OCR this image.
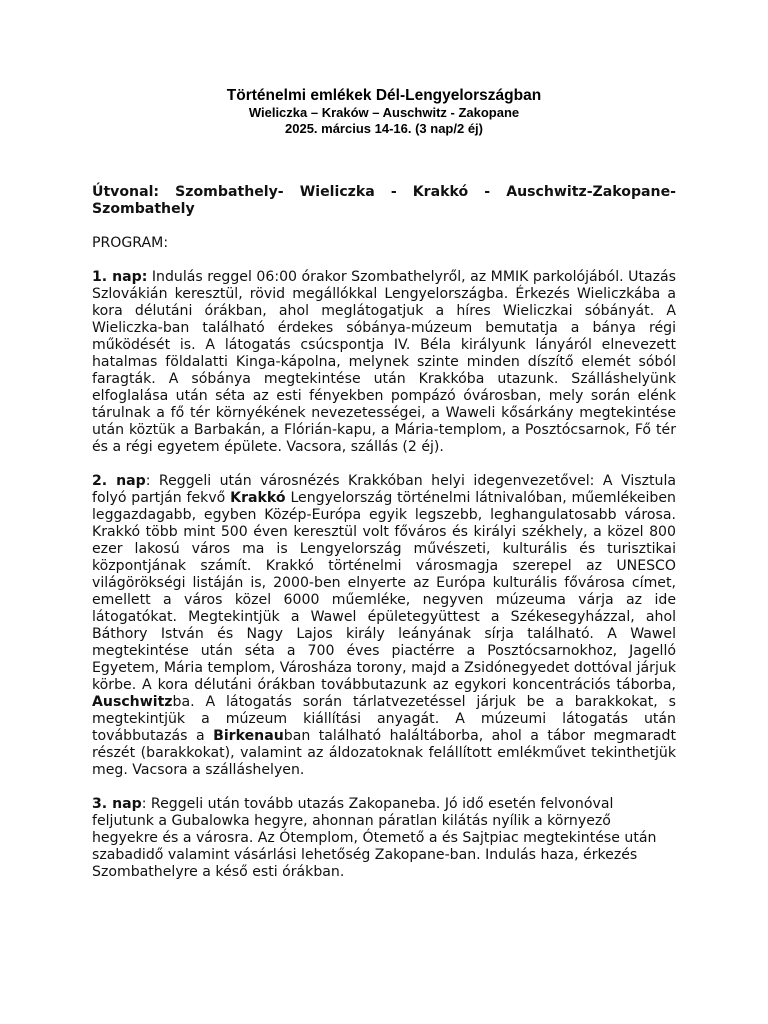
Történelmi emlékek Dél-Lengyelországban
Wieliczka – Kraków – Auschwitz - Zakopane
2025. március 14-16. (3 nap/2 éj)
Útvonal: Szombathely- Wieliczka - Krakkó - Auschwitz-Zakopane-Szombathely
PROGRAM:
1. nap: Indulás reggel 06:00 órakor Szombathelyről, az MMIK parkolójából. Utazás Szlovákián keresztül, rövid megállókkal Lengyelországba. Érkezés Wieliczkába a kora délutáni órákban, ahol meglátogatjuk a híres Wieliczkai sóbányát. A Wieliczka-ban található érdekes sóbánya-múzeum bemutatja a bánya régi működését is. A látogatás csúcspontja IV. Béla királyunk lányáról elnevezett hatalmas földalatti Kinga-kápolna, melynek szinte minden díszítő elemét sóból faragták. A sóbánya megtekintése után Krakkóba utazunk. Szálláshelyünk elfoglalása után séta az esti fényekben pompázó óvárosban, mely során elénk tárulnak a fő tér környékének nevezetességei, a Waweli kősárkány megtekintése után köztük a Barbakán, a Flórián-kapu, a Mária-templom, a Posztócsarnok, Fő tér és a régi egyetem épülete. Vacsora, szállás (2 éj).
2. nap: Reggeli után városnézés Krakkóban helyi idegenvezetővel: A Visztula folyó partján fekvő Krakkó Lengyelország történelmi látnivalóban, műemlékeiben leggazdagabb, egyben Közép-Európa egyik legszebb, leghangulatosabb városa. Krakkó több mint 500 éven keresztül volt főváros és királyi székhely, a közel 800 ezer lakosú város ma is Lengyelország művészeti, kulturális és turisztikai központjának számít. Krakkó történelmi városmagja szerepel az UNESCO világörökségi listáján is, 2000-ben elnyerte az Európa kulturális fővárosa címet, emellett a város közel 6000 műemléke, negyven múzeuma várja az ide látogatókat. Megtekintjük a Wawel épületegyüttest a Székesegyházzal, ahol Báthory István és Nagy Lajos király leányának sírja található. A Wawel megtekintése után séta a 700 éves piactérre a Posztócsarnokhoz, Jagelló Egyetem, Mária templom, Városháza torony, majd a Zsidónegyedet dottóval járjuk körbe. A kora délutáni órákban továbbutazunk az egykori koncentrációs táborba, Auschwitzba. A látogatás során tárlatvezetéssel járjuk be a barakkokat, s megtekintjük a múzeum kiállítási anyagát. A múzeumi látogatás után továbbutazás a Birkenauban található haláltáborba, ahol a tábor megmaradt részét (barakkokat), valamint az áldozatoknak felállított emlékművet tekinthetjük meg. Vacsora a szálláshelyen.
3. nap: Reggeli után tovább utazás Zakopaneba. Jó idő esetén felvonóval feljutunk a Gubalowka hegyre, ahonnan páratlan kilátás nyílik a környező hegyekre és a városra. Az Ótemplom, Ótemető a és Sajtpiac megtekintése után szabadidő valamint vásárlási lehetőség Zakopane-ban. Indulás haza, érkezés Szombathelyre a késő esti órákban.
